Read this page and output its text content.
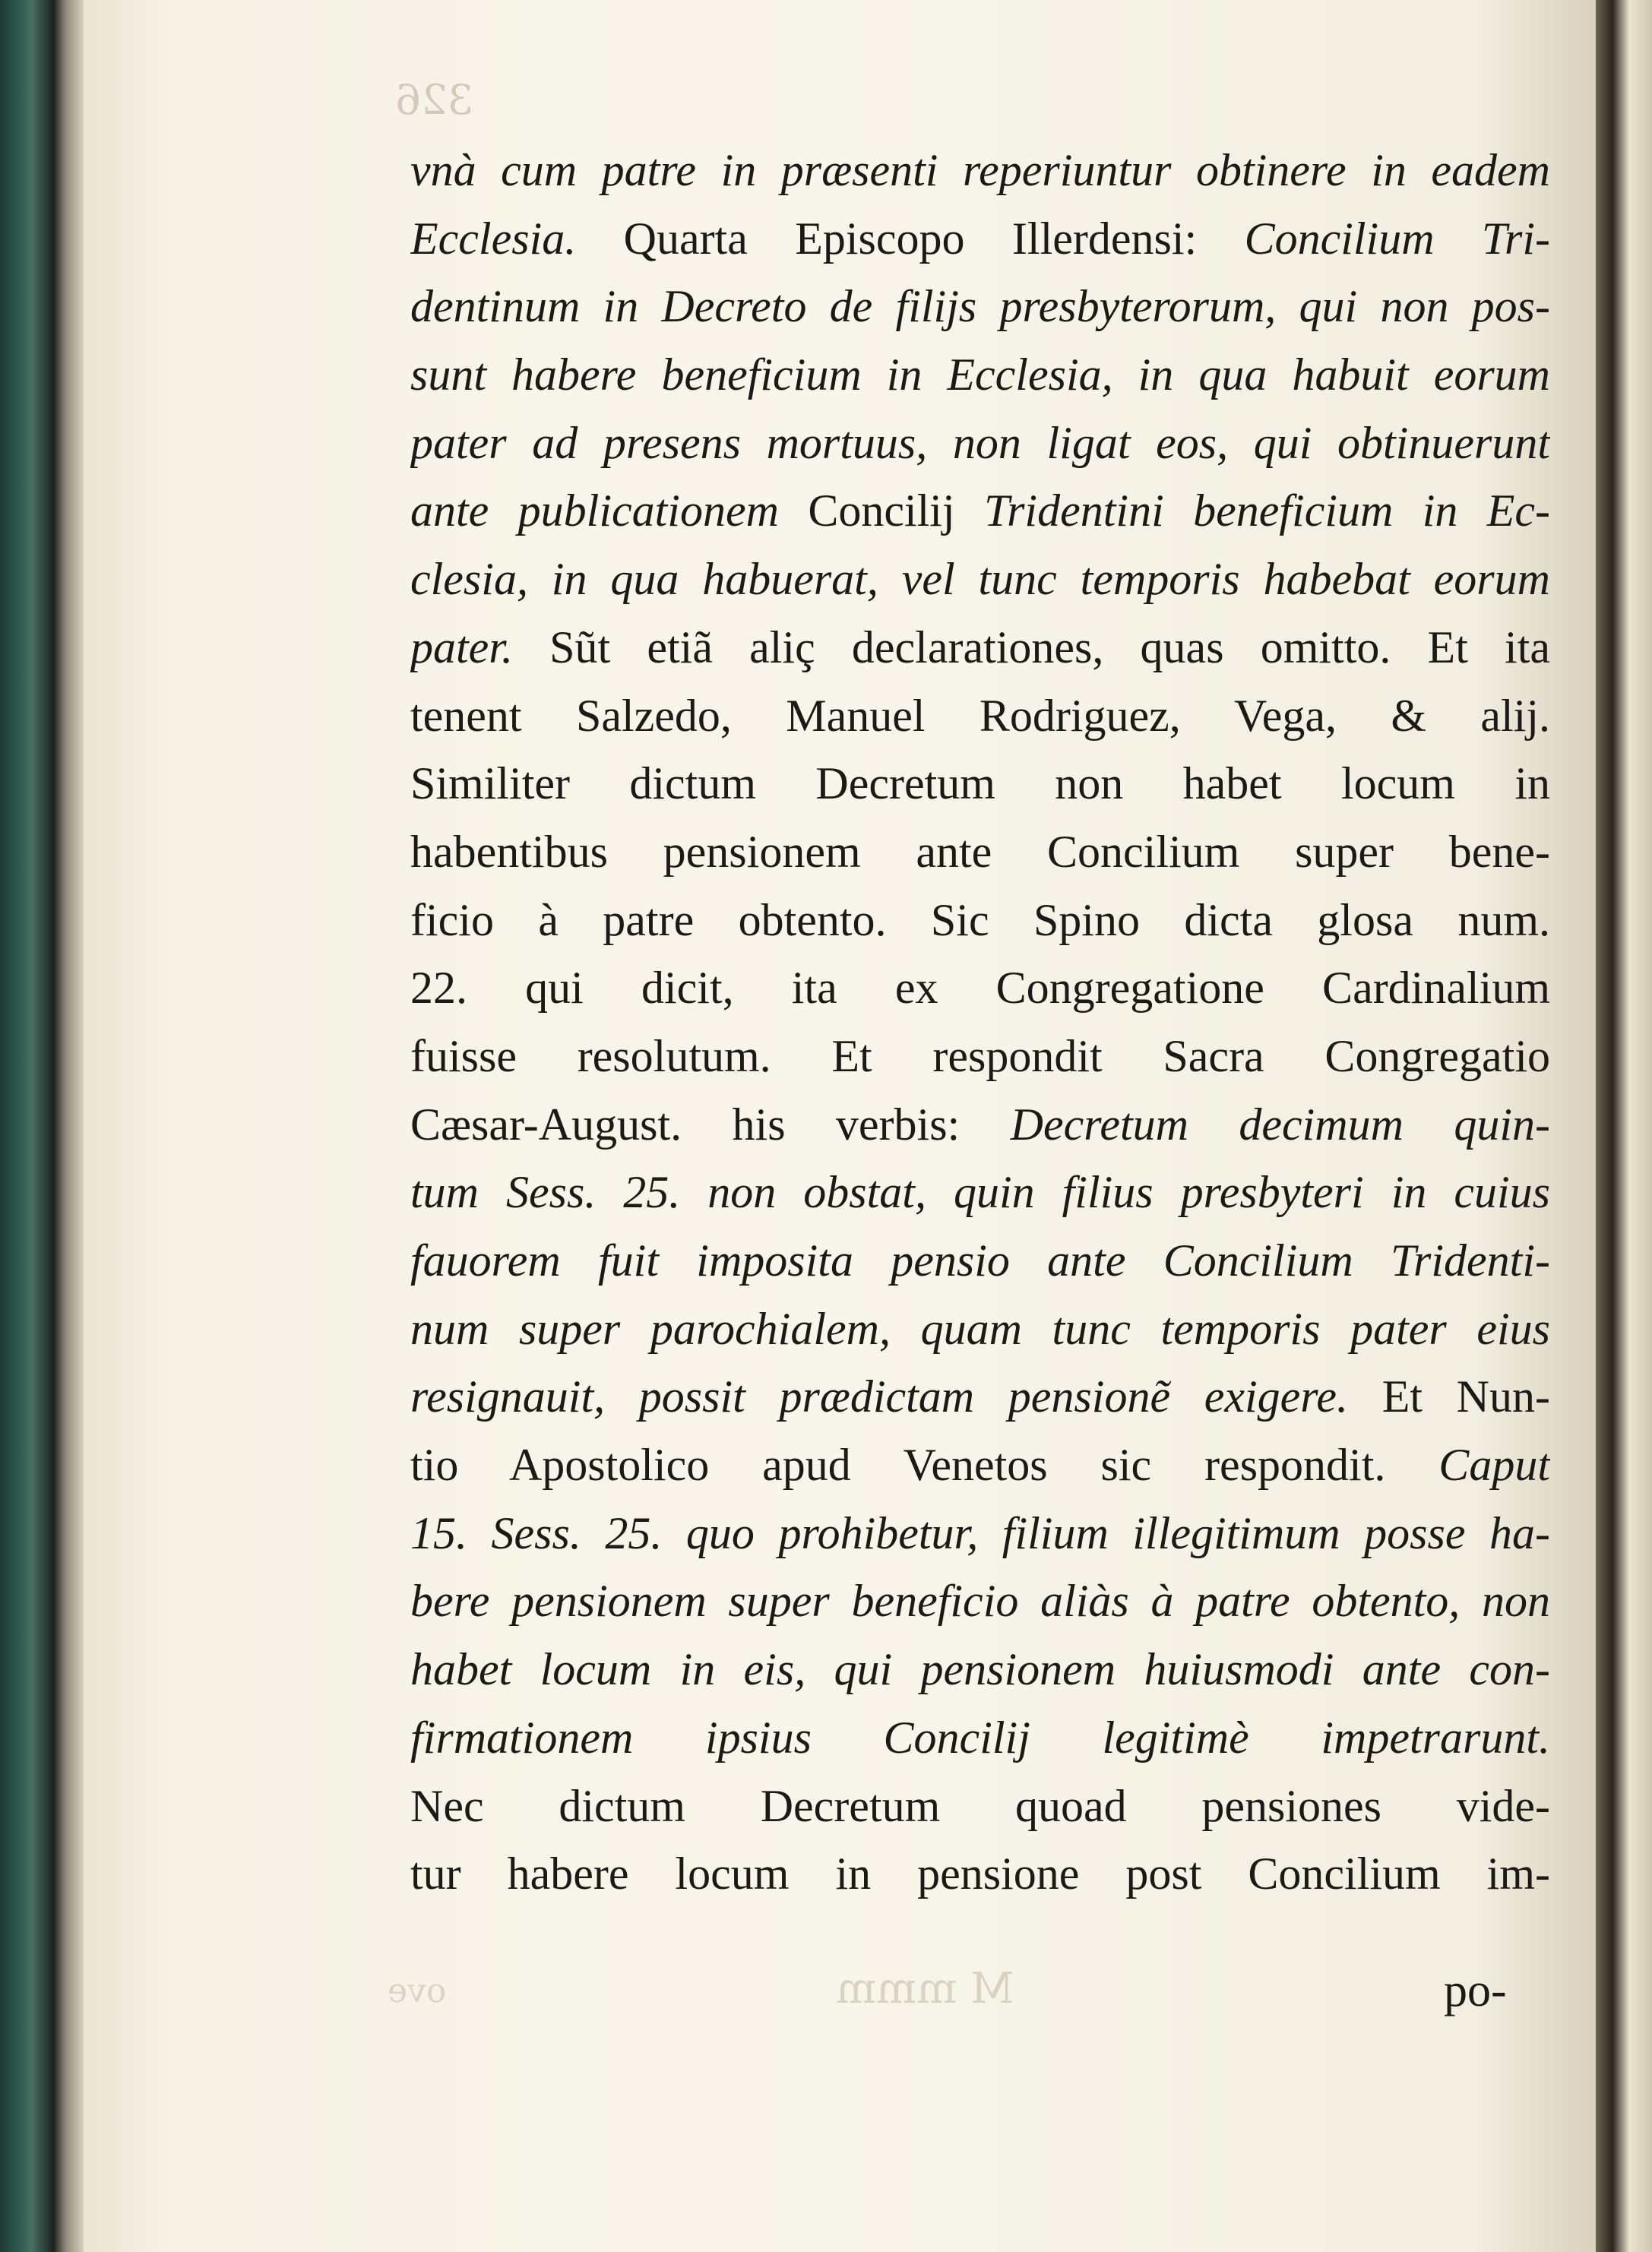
326
ove	M mmm
vnà cum patre in præsenti reperiuntur obtinere in eadem
Ecclesia. Quarta Episcopo Illerdensi: Concilium Tri-
dentinum in Decreto de filijs presbyterorum, qui non pos-
sunt habere beneficium in Ecclesia, in qua habuit eorum
pater ad presens mortuus, non ligat eos, qui obtinuerunt
ante publicationem Concilij Tridentini beneficium in Ec-
clesia, in qua habuerat, vel tunc temporis habebat eorum
pater. Sũt etiã aliç declarationes, quas omitto. Et ita
tenent Salzedo, Manuel Rodriguez, Vega, & alij.
Similiter dictum Decretum non habet locum in
habentibus pensionem ante Concilium super bene-
ficio à patre obtento. Sic Spino dicta glosa num.
22. qui dicit, ita ex Congregatione Cardinalium
fuisse resolutum. Et respondit Sacra Congregatio
Cæsar-August. his verbis: Decretum decimum quin-
tum Sess. 25. non obstat, quin filius presbyteri in cuius
fauorem fuit imposita pensio ante Concilium Tridenti-
num super parochialem, quam tunc temporis pater eius
resignauit, possit prædictam pensionẽ exigere. Et Nun-
tio Apostolico apud Venetos sic respondit. Caput
15. Sess. 25. quo prohibetur, filium illegitimum posse ha-
bere pensionem super beneficio aliàs à patre obtento, non
habet locum in eis, qui pensionem huiusmodi ante con-
firmationem ipsius Concilij legitimè impetrarunt.
Nec dictum Decretum quoad pensiones vide-
tur habere locum in pensione post Concilium im-
po-
